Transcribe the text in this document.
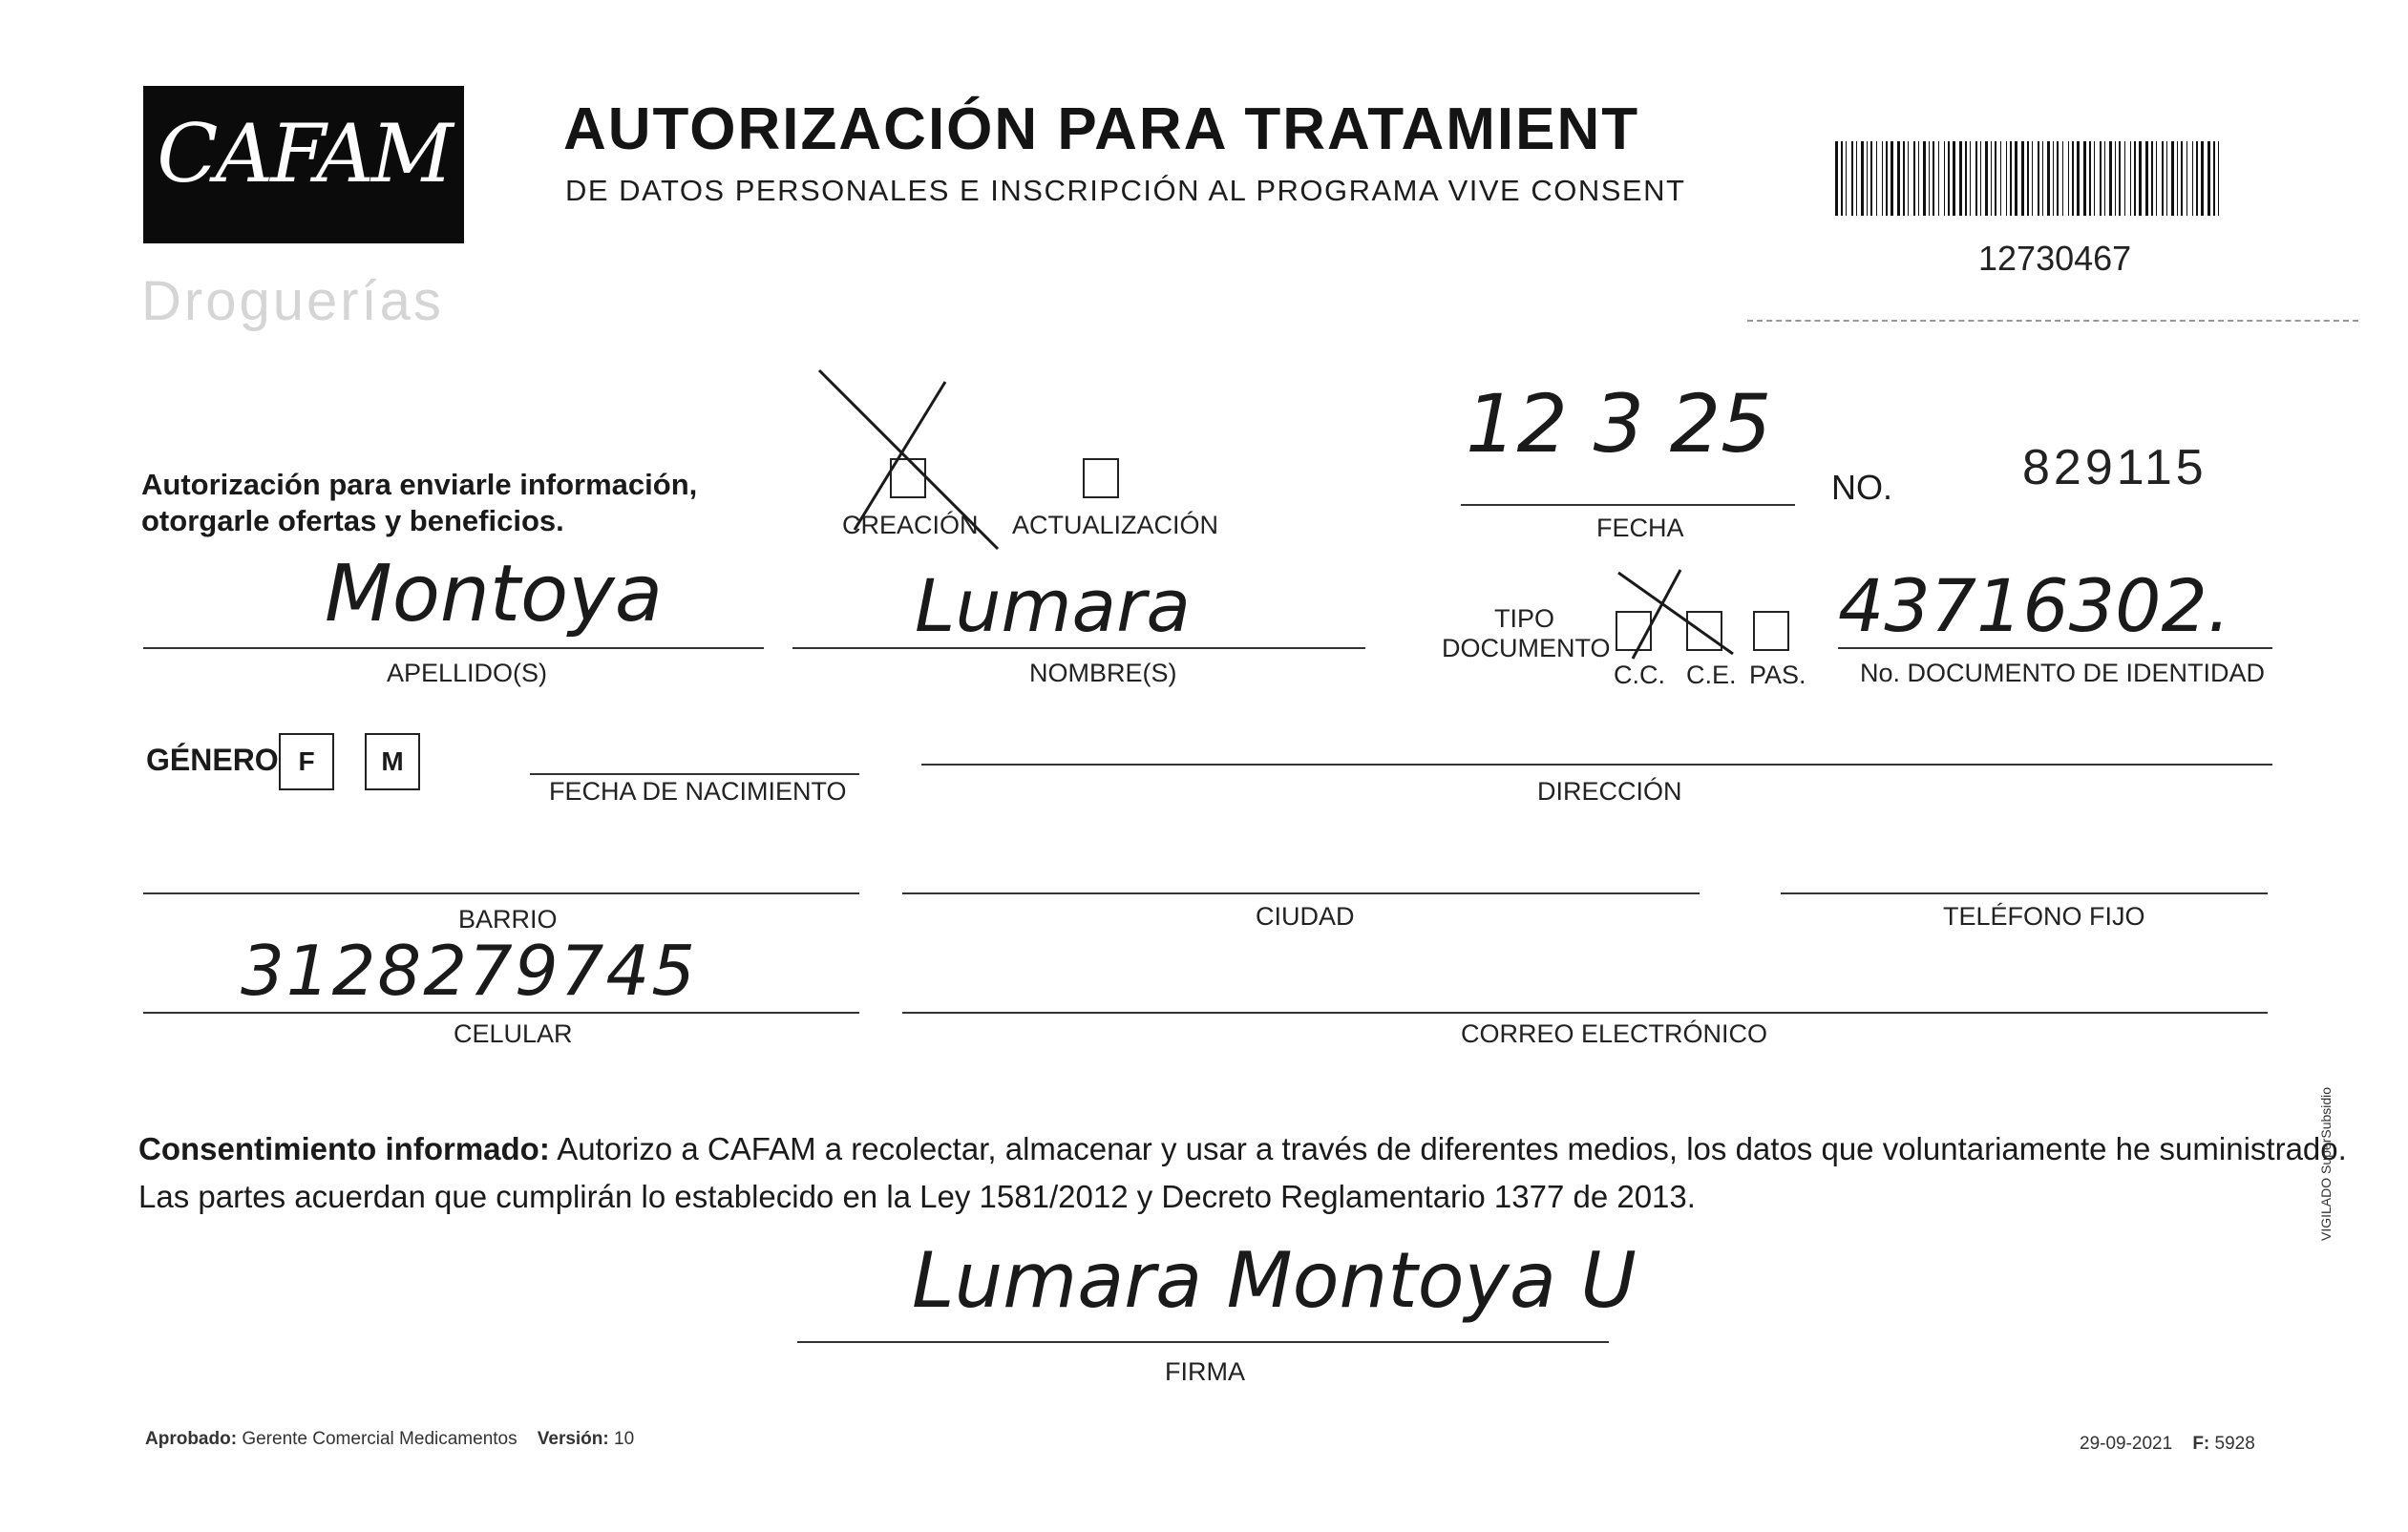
CAFAM
Droguerías
AUTORIZACIÓN PARA TRATAMIENT
DE DATOS PERSONALES E INSCRIPCIÓN AL PROGRAMA VIVE CONSENT
12730467
Autorización para enviarle información,
otorgarle ofertas y beneficios.	CREACIÓN ACTUALIZACIÓN
12 3 25
FECHA
NO.	829115
Montoya
APELLIDO(S)
Lumara
NOMBRE(S)
TIPO
DOCUMENTO
C.C. C.E. PAS.
43716302.
No. DOCUMENTO DE IDENTIDAD
GÉNERO F	M
FECHA DE NACIMIENTO	DIRECCIÓN
BARRIO	CIUDAD	TELÉFONO FIJO
3128279745
CELULAR	CORREO ELECTRÓNICO
Consentimiento informado: Autorizo a CAFAM a recolectar, almacenar y usar a través de diferentes medios, los datos que voluntariamente he suministrado.
Las partes acuerdan que cumplirán lo establecido en la Ley 1581/2012 y Decreto Reglamentario 1377 de 2013.
Lumara Montoya U
FIRMA
Aprobado: Gerente Comercial Medicamentos Versión: 10	29-09-2021 F: 5928
VIGILADO SuperSubsidio
